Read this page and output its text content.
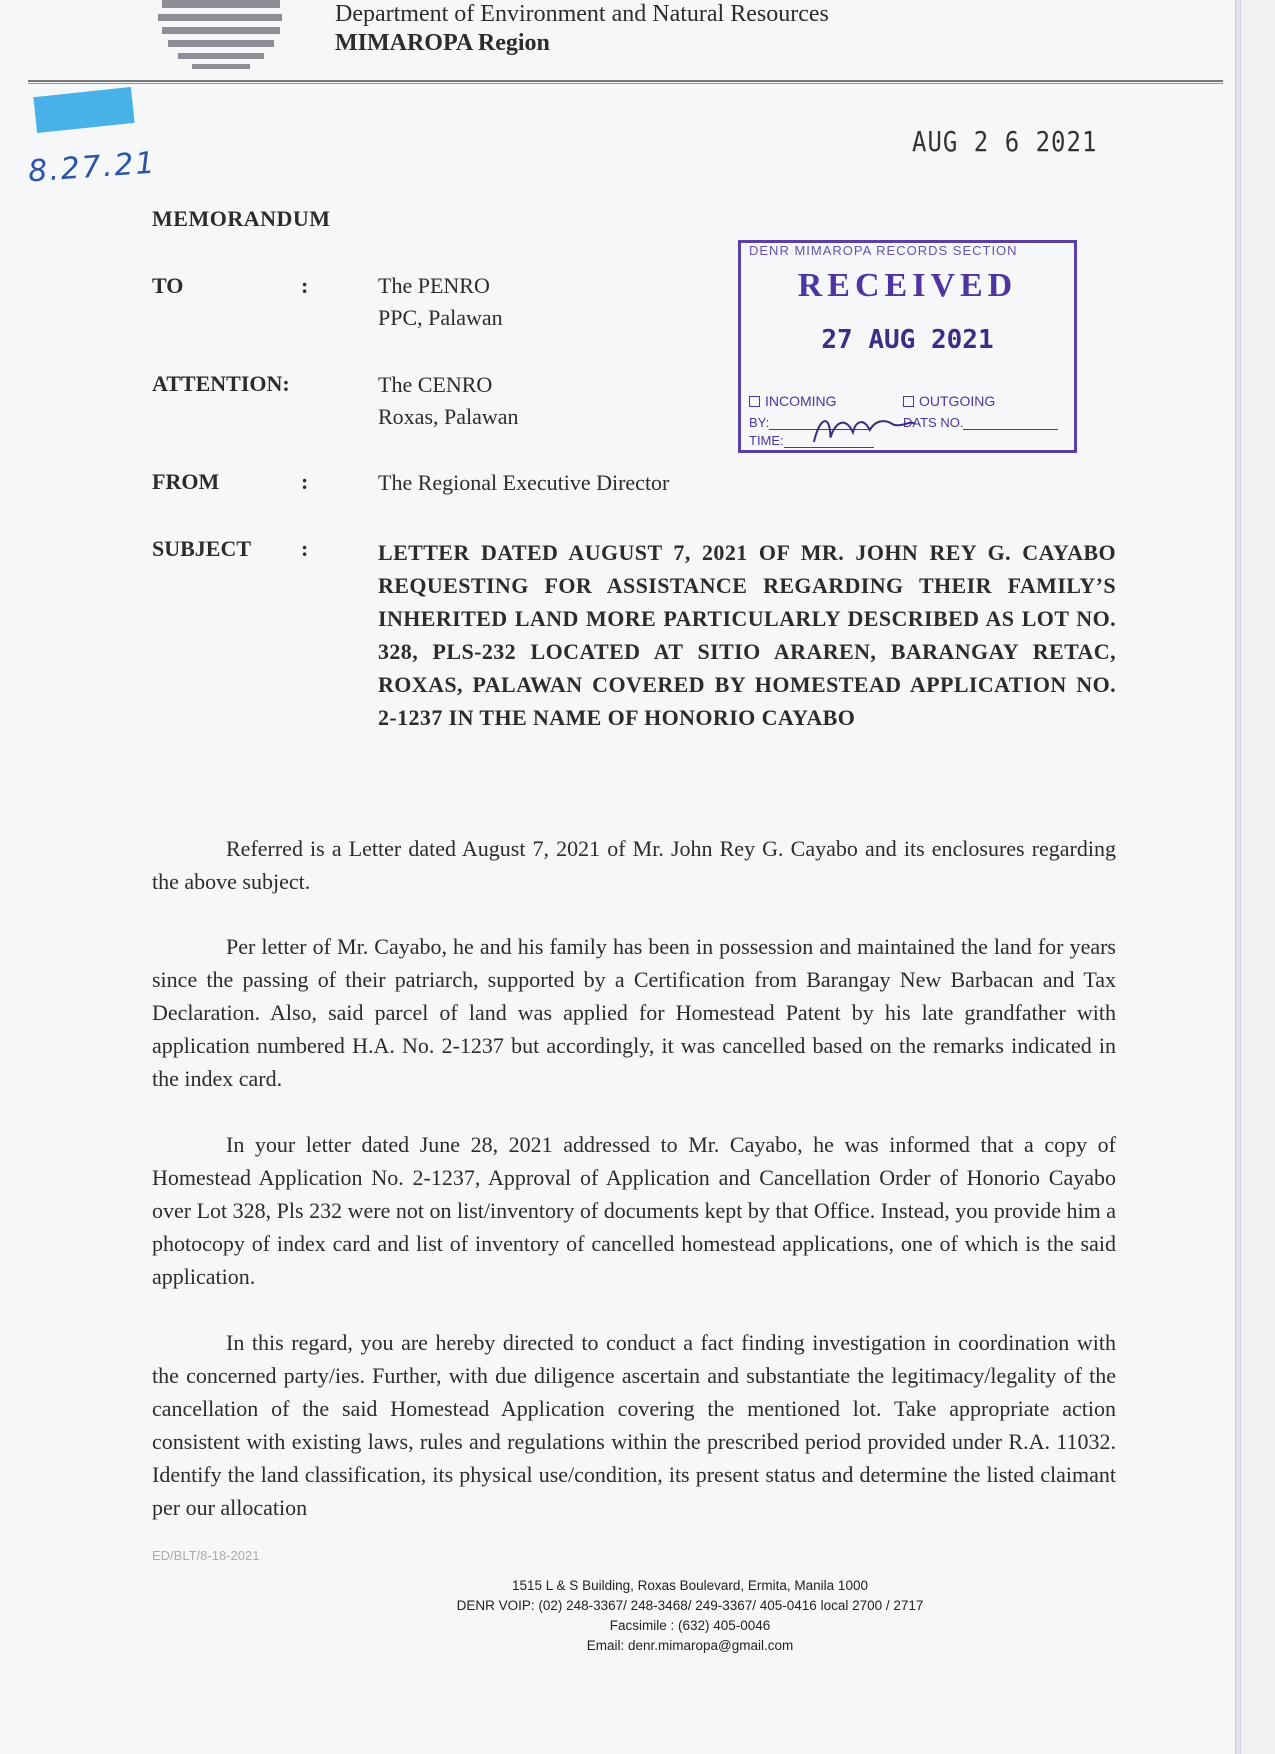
Department of Environment and Natural Resources
MIMAROPA Region
8.27.21
AUG 2 6 2021
MEMORANDUM
TO	:	The PENRO
PPC, Palawan
ATTENTION:	The CENRO
Roxas, Palawan
FROM	:	The Regional Executive Director
SUBJECT :	LETTER DATED AUGUST 7, 2021 OF MR. JOHN REY G. CAYABO REQUESTING FOR ASSISTANCE REGARDING THEIR FAMILY’S INHERITED LAND MORE PARTICULARLY DESCRIBED AS LOT NO. 328, PLS-232 LOCATED AT SITIO ARAREN, BARANGAY RETAC, ROXAS, PALAWAN COVERED BY HOMESTEAD APPLICATION NO. 2-1237 IN THE NAME OF HONORIO CAYABO
DENR MIMAROPA RECORDS SECTION
RECEIVED
27 AUG 2021
INCOMING	OUTGOING
BY:	DATS NO.
TIME:
Referred is a Letter dated August 7, 2021 of Mr. John Rey G. Cayabo and its enclosures regarding the above subject.
Per letter of Mr. Cayabo, he and his family has been in possession and maintained the land for years since the passing of their patriarch, supported by a Certification from Barangay New Barbacan and Tax Declaration. Also, said parcel of land was applied for Homestead Patent by his late grandfather with application numbered H.A. No. 2-1237 but accordingly, it was cancelled based on the remarks indicated in the index card.
In your letter dated June 28, 2021 addressed to Mr. Cayabo, he was informed that a copy of Homestead Application No. 2-1237, Approval of Application and Cancellation Order of Honorio Cayabo over Lot 328, Pls 232 were not on list/inventory of documents kept by that Office. Instead, you provide him a photocopy of index card and list of inventory of cancelled homestead applications, one of which is the said application.
In this regard, you are hereby directed to conduct a fact finding investigation in coordination with the concerned party/ies. Further, with due diligence ascertain and substantiate the legitimacy/legality of the cancellation of the said Homestead Application covering the mentioned lot. Take appropriate action consistent with existing laws, rules and regulations within the prescribed period provided under R.A. 11032. Identify the land classification, its physical use/condition, its present status and determine the listed claimant per our allocation
ED/BLT/8-18-2021
1515 L & S Building, Roxas Boulevard, Ermita, Manila 1000
DENR VOIP: (02) 248-3367/ 248-3468/ 249-3367/ 405-0416 local 2700 / 2717
Facsimile : (632) 405-0046
Email: denr.mimaropa@gmail.com
